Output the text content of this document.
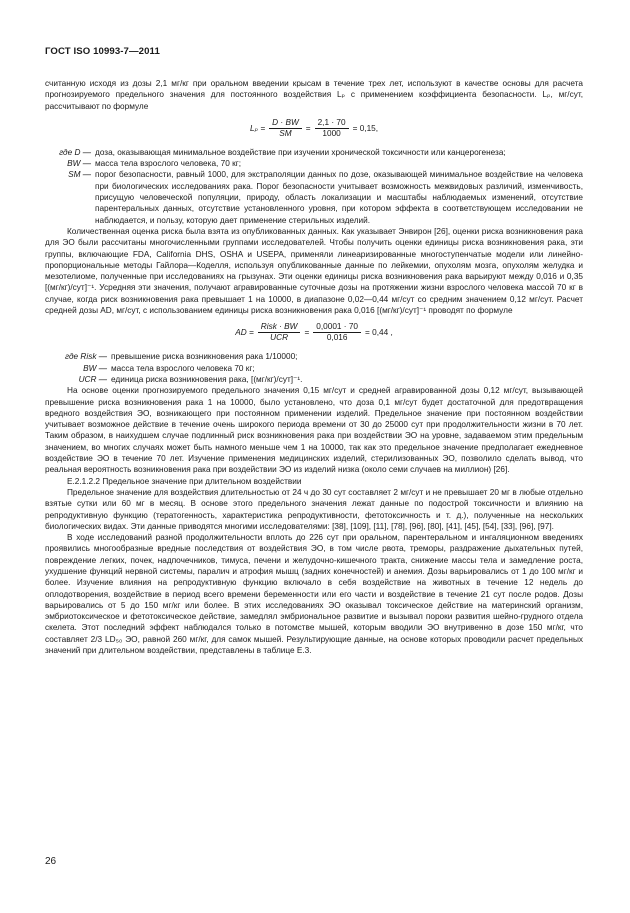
ГОСТ ISO 10993-7—2011

считанную исходя из дозы 2,1 мг/кг при оральном введении крысам в течение трех лет, используют в качестве основы для расчета прогнозируемого предельного значения для постоянного воздействия Lₚ с применением коэффициента безопасности. Lₚ, мг/сут, рассчитывают по формуле

$L_p = \frac{D \cdot BW}{SM} = \frac{2,1 \cdot 70}{1000} = 0,15$,
где D — доза, оказывающая минимальное воздействие при изучении хронической токсичности или канцерогенеза;
BW — масса тела взрослого человека, 70 кг;
SM — порог безопасности, равный 1000, для экстраполяции данных по дозе, оказывающей минимальное воздействие на человека при биологических исследованиях рака. Порог безопасности учитывает возможность межвидовых различий, изменчивость, присущую человеческой популяции, природу, область локализации и масштабы наблюдаемых изменений, отсутствие парентеральных данных, отсутствие установленного уровня, при котором эффекта в соответствующем исследовании не наблюдается, и пользу, которую дает применение стерильных изделий.

Количественная оценка риска была взята из опубликованных данных. Как указывает Энвирон [26], оценки риска возникновения рака для ЭО были рассчитаны многочисленными группами исследователей. Чтобы получить оценки единицы риска возникновения рака, эти группы, включающие FDA, California DHS, OSHA и USEPA, применяли линеаризированные многоступенчатые модели или линейно-пропорциональные методы Гайлора—Коделля, используя опубликованные данные по лейкемии, опухолям мозга, опухолям желудка и мезотелиоме, полученные при исследованиях на грызунах. Эти оценки единицы риска возникновения рака варьируют между 0,016 и 0,35 [(мг/кг)/сут]⁻¹. Усредняя эти значения, получают агравированные суточные дозы на протяжении жизни взрослого человека массой 70 кг в случае, когда риск возникновения рака превышает 1 на 10000, в диапазоне 0,02—0,44 мг/сут со средним значением 0,12 мг/сут. Расчет средней дозы AD, мг/сут, с использованием единицы риска возникновения рака 0,016 [(мг/кг)/сут]⁻¹ проводят по формуле

AD = $\frac{\text{Risk · BW}}{\text{UCR}} = \frac{0,0001 \cdot 70}{0,016} = 0,44$ ,
где Risk — превышение риска возникновения рака 1/10000;
BW — масса тела взрослого человека 70 кг;
UCR — единица риска возникновения рака, [(мг/кг)/сут]⁻¹.

На основе оценки прогнозируемого предельного значения 0,15 мг/сут и средней агравированной дозы 0,12 мг/сут, вызывающей превышение риска возникновения рака 1 на 10000, было установлено, что доза 0,1 мг/сут будет достаточной для предотвращения вредного воздействия ЭО, возникающего при постоянном применении изделий. Предельное значение при постоянном воздействии учитывает возможное действие в течение очень широкого периода времени от 30 до 25000 сут при продолжительности жизни в 70 лет. Таким образом, в наихудшем случае подлинный риск возникновения рака при воздействии ЭО на уровне, задаваемом этим предельным значением, во многих случаях может быть намного меньше чем 1 на 10000, так как это предельное значение предполагает ежедневное воздействие ЭО в течение 70 лет. Изучение применения медицинских изделий, стерилизованных ЭО, позволило сделать вывод, что реальная вероятность возникновения рака при воздействии ЭО из изделий низка (около семи случаев на миллион) [26].

Е.2.1.2.2 Предельное значение при длительном воздействии

Предельное значение для воздействия длительностью от 24 ч до 30 сут составляет 2 мг/сут и не превышает 20 мг в любые отдельно взятые сутки или 60 мг в месяц. В основе этого предельного значения лежат данные по подострой токсичности и влиянию на репродуктивную функцию (тератогенность, характеристика репродуктивности, фетотоксичность и т. д.), полученные на нескольких биологических видах. Эти данные приводятся многими исследователями: [38], [109], [11], [78], [96], [80], [41], [45], [54], [33], [96], [97].

В ходе исследований разной продолжительности вплоть до 226 сут при оральном, парентеральном и ингаляционном введениях проявились многообразные вредные последствия от воздействия ЭО, в том числе рвота, треморы, раздражение дыхательных путей, повреждение легких, почек, надпочечников, тимуса, печени и желудочно-кишечного тракта, снижение массы тела и замедление роста, ухудшение функций нервной системы, паралич и атрофия мышц (задних конечностей) и анемия. Дозы варьировались от 1 до 100 мг/кг и более. Изучение влияния на репродуктивную функцию включало в себя воздействие на животных в течение 12 недель до оплодотворения, воздействие в период всего времени беременности или его части и воздействие в течение 21 сут после родов. Дозы варьировались от 5 до 150 мг/кг или более. В этих исследованиях ЭО оказывал токсическое действие на материнский организм, эмбриотоксическое и фетотоксическое действие, замедлял эмбриональное развитие и вызывал пороки развития шейно-грудного отдела скелета. Этот последний эффект наблюдался только в потомстве мышей, которым вводили ЭО внутривенно в дозе 150 мг/кг, что составляет 2/3 LD₅₀ ЭО, равной 260 мг/кг, для самок мышей. Результирующие данные, на основе которых проводили расчет предельных значений при длительном воздействии, представлены в таблице Е.3.

26
